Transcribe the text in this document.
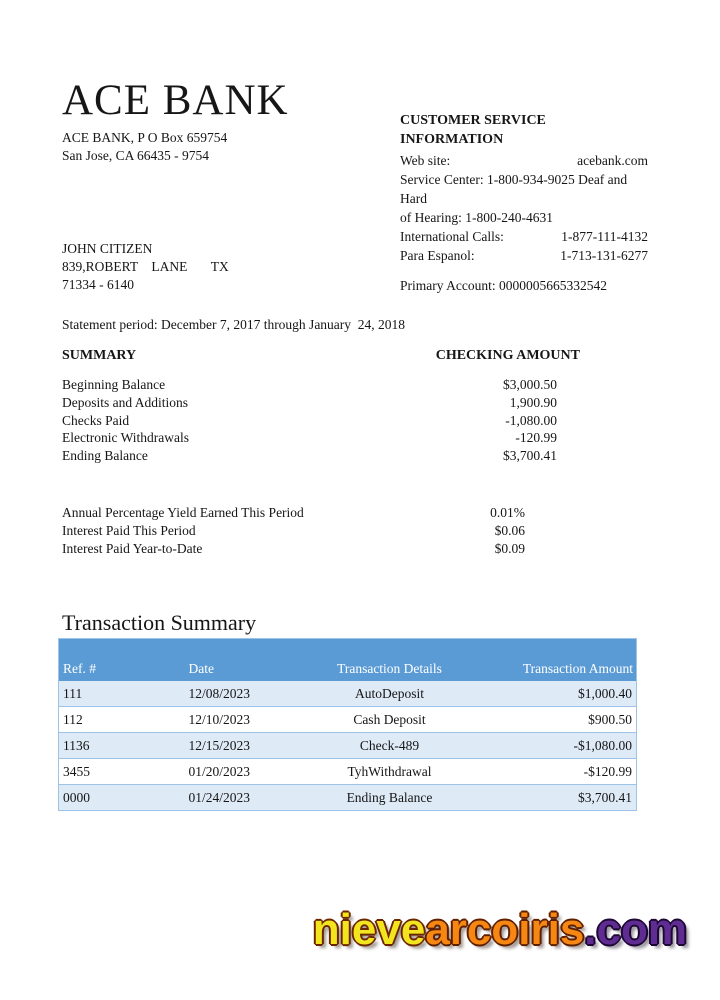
ACE BANK
ACE BANK, P O Box 659754
San Jose, CA 66435 - 9754
CUSTOMER SERVICE INFORMATION
Web site:	acebank.com
Service Center: 1-800-934-9025 Deaf and Hard
of Hearing: 1-800-240-4631
International Calls:	1-877-111-4132
Para Espanol:	1-713-131-6277
Primary Account: 0000005665332542
JOHN CITIZEN
839,ROBERT    LANE       TX
71334 - 6140
Statement period: December 7, 2017 through January  24, 2018
SUMMARY	CHECKING AMOUNT
Beginning Balance	$3,000.50
Deposits and Additions	1,900.90
Checks Paid	-1,080.00
Electronic Withdrawals	-120.99
Ending Balance	$3,700.41
Annual Percentage Yield Earned This Period	0.01%
Interest Paid This Period	$0.06
Interest Paid Year-to-Date	$0.09
Transaction Summary
Ref. #	Date	Transaction Details	Transaction Amount
111	12/08/2023	AutoDeposit	$1,000.40
112	12/10/2023	Cash Deposit	$900.50
1136	12/15/2023	Check-489	-$1,080.00
3455	01/20/2023	TyhWithdrawal	-$120.99
0000	01/24/2023	Ending Balance	$3,700.41
nievearcoiris.com
